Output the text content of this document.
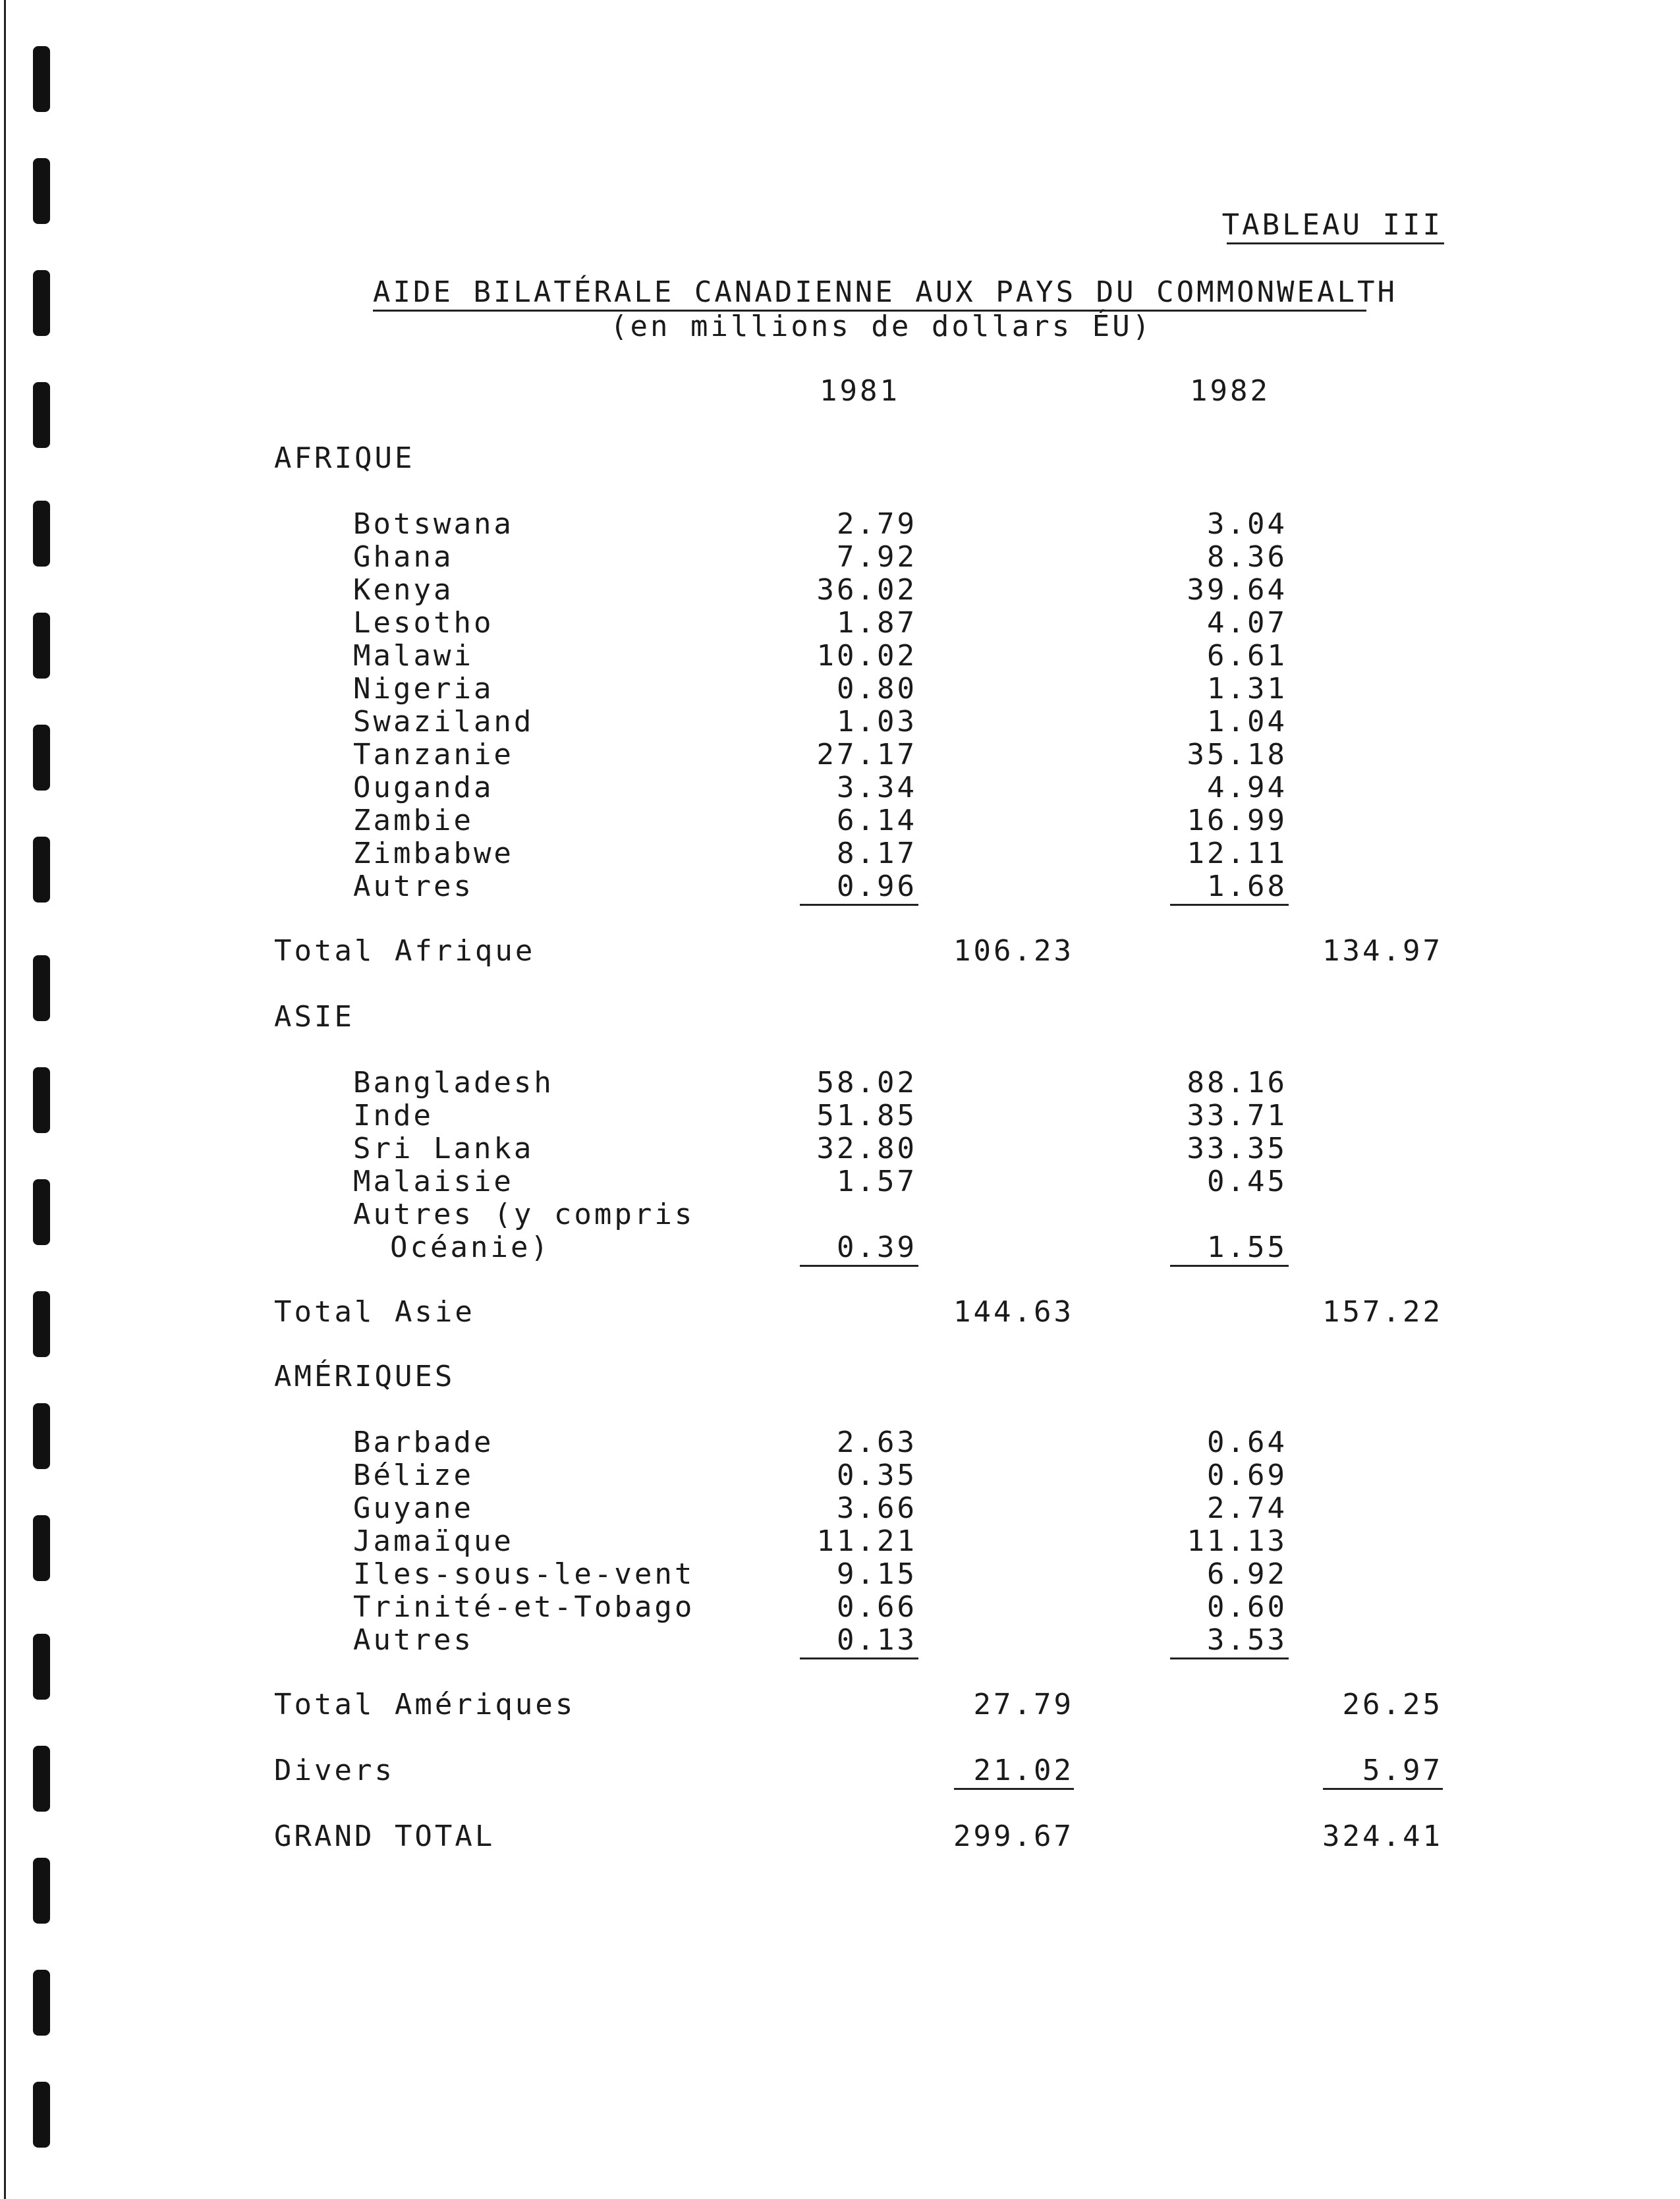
TABLEAU III
AIDE BILATÉRALE CANADIENNE AUX PAYS DU COMMONWEALTH
(en millions de dollars ÉU)
1981	1982
AFRIQUE
Botswana	2.79	3.04
Ghana	7.92	8.36
Kenya	36.02	39.64
Lesotho	1.87	4.07
Malawi	10.02	6.61
Nigeria	0.80	1.31
Swaziland	1.03	1.04
Tanzanie	27.17	35.18
Ouganda	3.34	4.94
Zambie	6.14	16.99
Zimbabwe	8.17	12.11
Autres	0.96	1.68
Total Afrique	106.23	134.97
ASIE
Bangladesh	58.02	88.16
Inde	51.85	33.71
Sri Lanka	32.80	33.35
Malaisie	1.57	0.45
Autres (y compris
Océanie)	0.39	1.55
Total Asie	144.63	157.22
AMÉRIQUES
Barbade	2.63	0.64
Bélize	0.35	0.69
Guyane	3.66	2.74
Jamaïque	11.21	11.13
Iles-sous-le-vent	9.15	6.92
Trinité-et-Tobago	0.66	0.60
Autres	0.13	3.53
Total Amériques	27.79	26.25
Divers	21.02	5.97
GRAND TOTAL	299.67	324.41
